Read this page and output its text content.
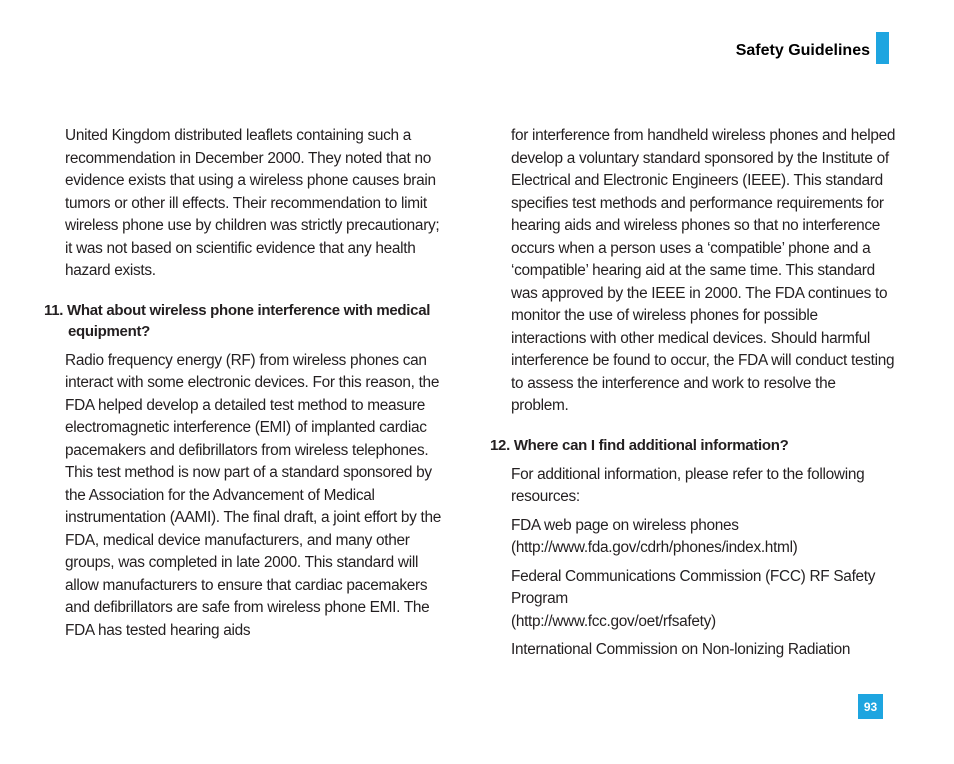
Safety Guidelines

United Kingdom distributed leaflets containing such a recommendation in December 2000. They noted that no evidence exists that using a wireless phone causes brain tumors or other ill effects. Their recommendation to limit wireless phone use by children was strictly precautionary; it was not based on scientific evidence that any health hazard exists.

11. What about wireless phone interference with medical equipment?

Radio frequency energy (RF) from wireless phones can interact with some electronic devices. For this reason, the FDA helped develop a detailed test method to measure electromagnetic interference (EMI) of implanted cardiac pacemakers and defibrillators from wireless telephones. This test method is now part of a standard sponsored by the Association for the Advancement of Medical instrumentation (AAMI). The final draft, a joint effort by the FDA, medical device manufacturers, and many other groups, was completed in late 2000. This standard will allow manufacturers to ensure that cardiac pacemakers and defibrillators are safe from wireless phone EMI. The FDA has tested hearing aids

for interference from handheld wireless phones and helped develop a voluntary standard sponsored by the Institute of Electrical and Electronic Engineers (IEEE). This standard specifies test methods and performance requirements for hearing aids and wireless phones so that no interference occurs when a person uses a ‘compatible’ phone and a ‘compatible’ hearing aid at the same time. This standard was approved by the IEEE in 2000. The FDA continues to monitor the use of wireless phones for possible interactions with other medical devices. Should harmful interference be found to occur, the FDA will conduct testing to assess the interference and work to resolve the problem.

12. Where can I find additional information?

For additional information, please refer to the following resources:

FDA web page on wireless phones
(http://www.fda.gov/cdrh/phones/index.html)
Federal Communications Commission (FCC) RF Safety Program
(http://www.fcc.gov/oet/rfsafety)
International Commission on Non-lonizing Radiation
93
